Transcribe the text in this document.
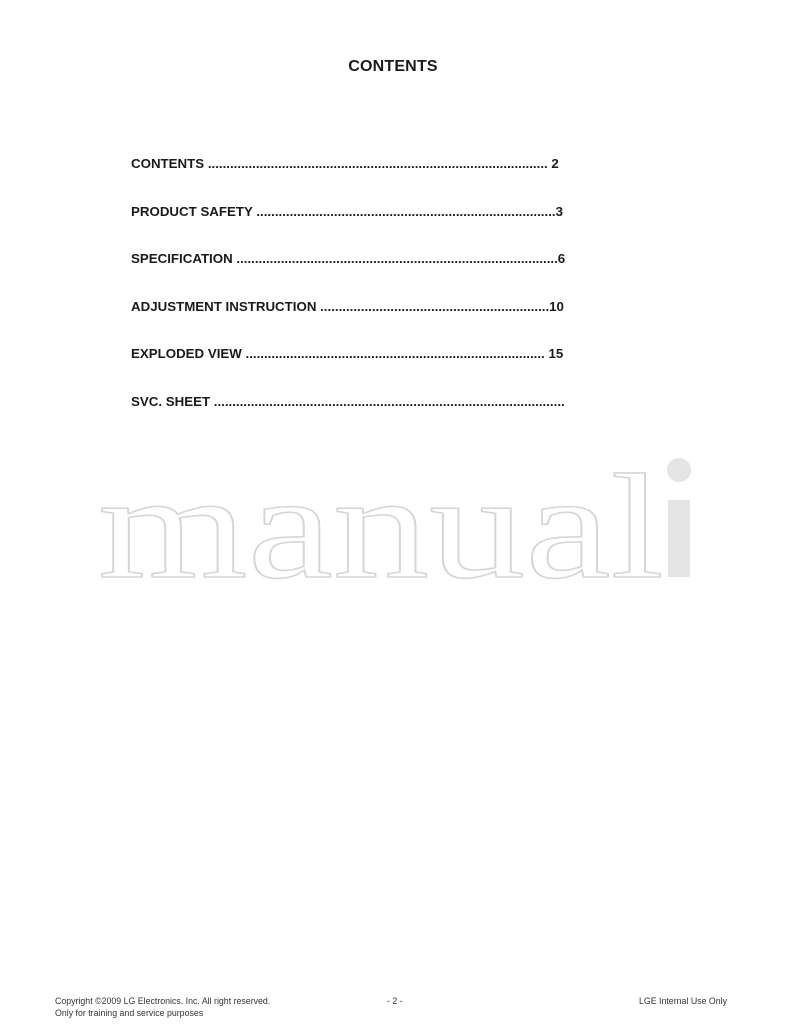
CONTENTS
CONTENTS ............................................................................................ 2
PRODUCT SAFETY .................................................................................3
SPECIFICATION .......................................................................................6
ADJUSTMENT INSTRUCTION ..............................................................10
EXPLODED VIEW ................................................................................. 15
SVC. SHEET ...............................................................................................
manual
Copyright ©2009 LG Electronics. Inc. All right reserved.
Only for training and service purposes
- 2 -	LGE Internal Use Only
